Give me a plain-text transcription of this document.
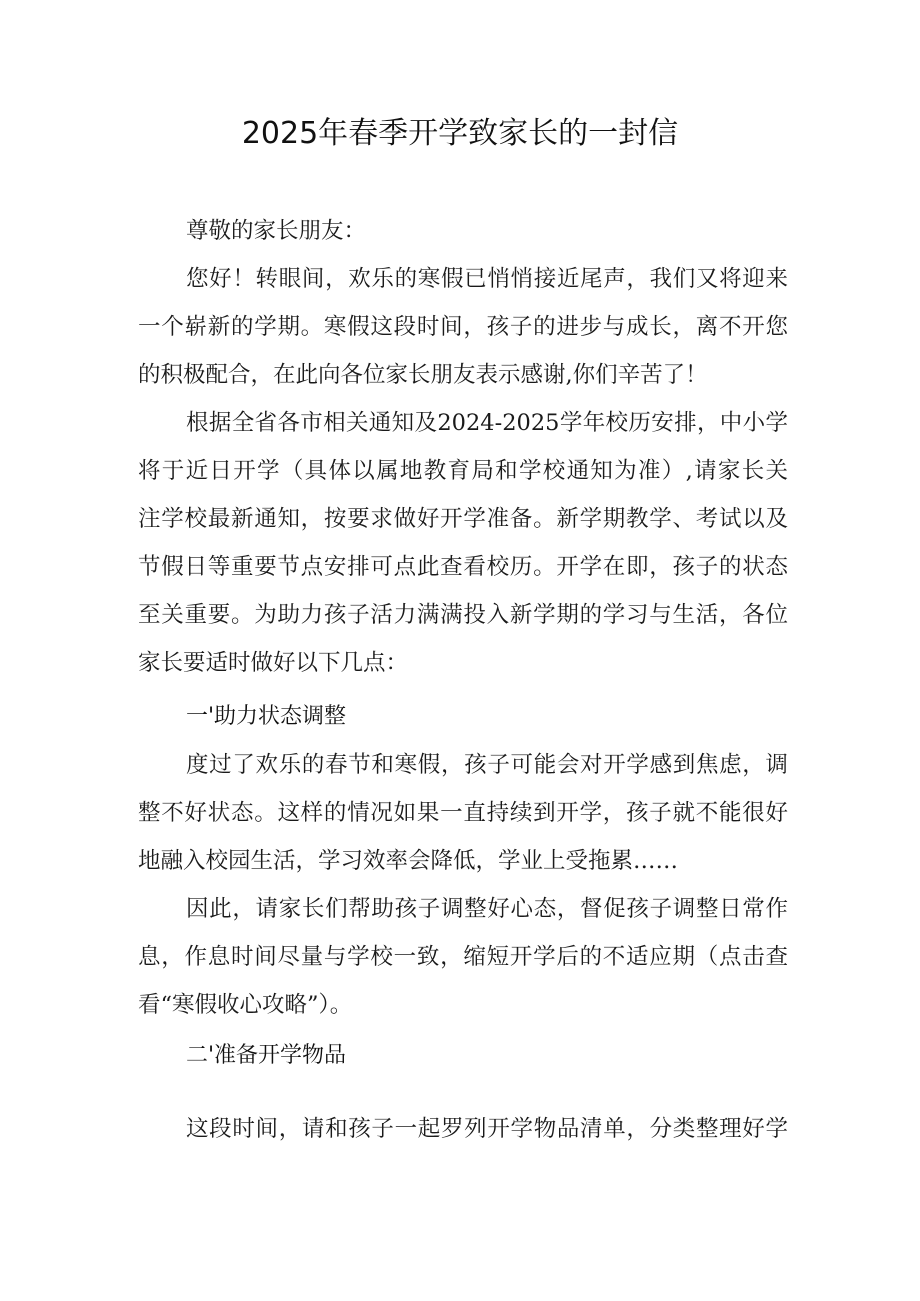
2025年春季开学致家长的一封信
尊敬的家长朋友：
您好！转眼间，欢乐的寒假已悄悄接近尾声，我们又将迎来
一个崭新的学期。寒假这段时间，孩子的进步与成长，离不开您
的积极配合，在此向各位家长朋友表示感谢,你们辛苦了！
根据全省各市相关通知及2024-2025学年校历安排，中小学
将于近日开学（具体以属地教育局和学校通知为准）,请家长关
注学校最新通知，按要求做好开学准备。新学期教学、考试以及
节假日等重要节点安排可点此查看校历。开学在即，孩子的状态
至关重要。为助力孩子活力满满投入新学期的学习与生活，各位
家长要适时做好以下几点：
一'助力状态调整
度过了欢乐的春节和寒假，孩子可能会对开学感到焦虑，调
整不好状态。这样的情况如果一直持续到开学，孩子就不能很好
地融入校园生活，学习效率会降低，学业上受拖累……
因此，请家长们帮助孩子调整好心态，督促孩子调整日常作
息，作息时间尽量与学校一致，缩短开学后的不适应期（点击查
看“寒假收心攻略”）。
二'准备开学物品
这段时间，请和孩子一起罗列开学物品清单，分类整理好学
